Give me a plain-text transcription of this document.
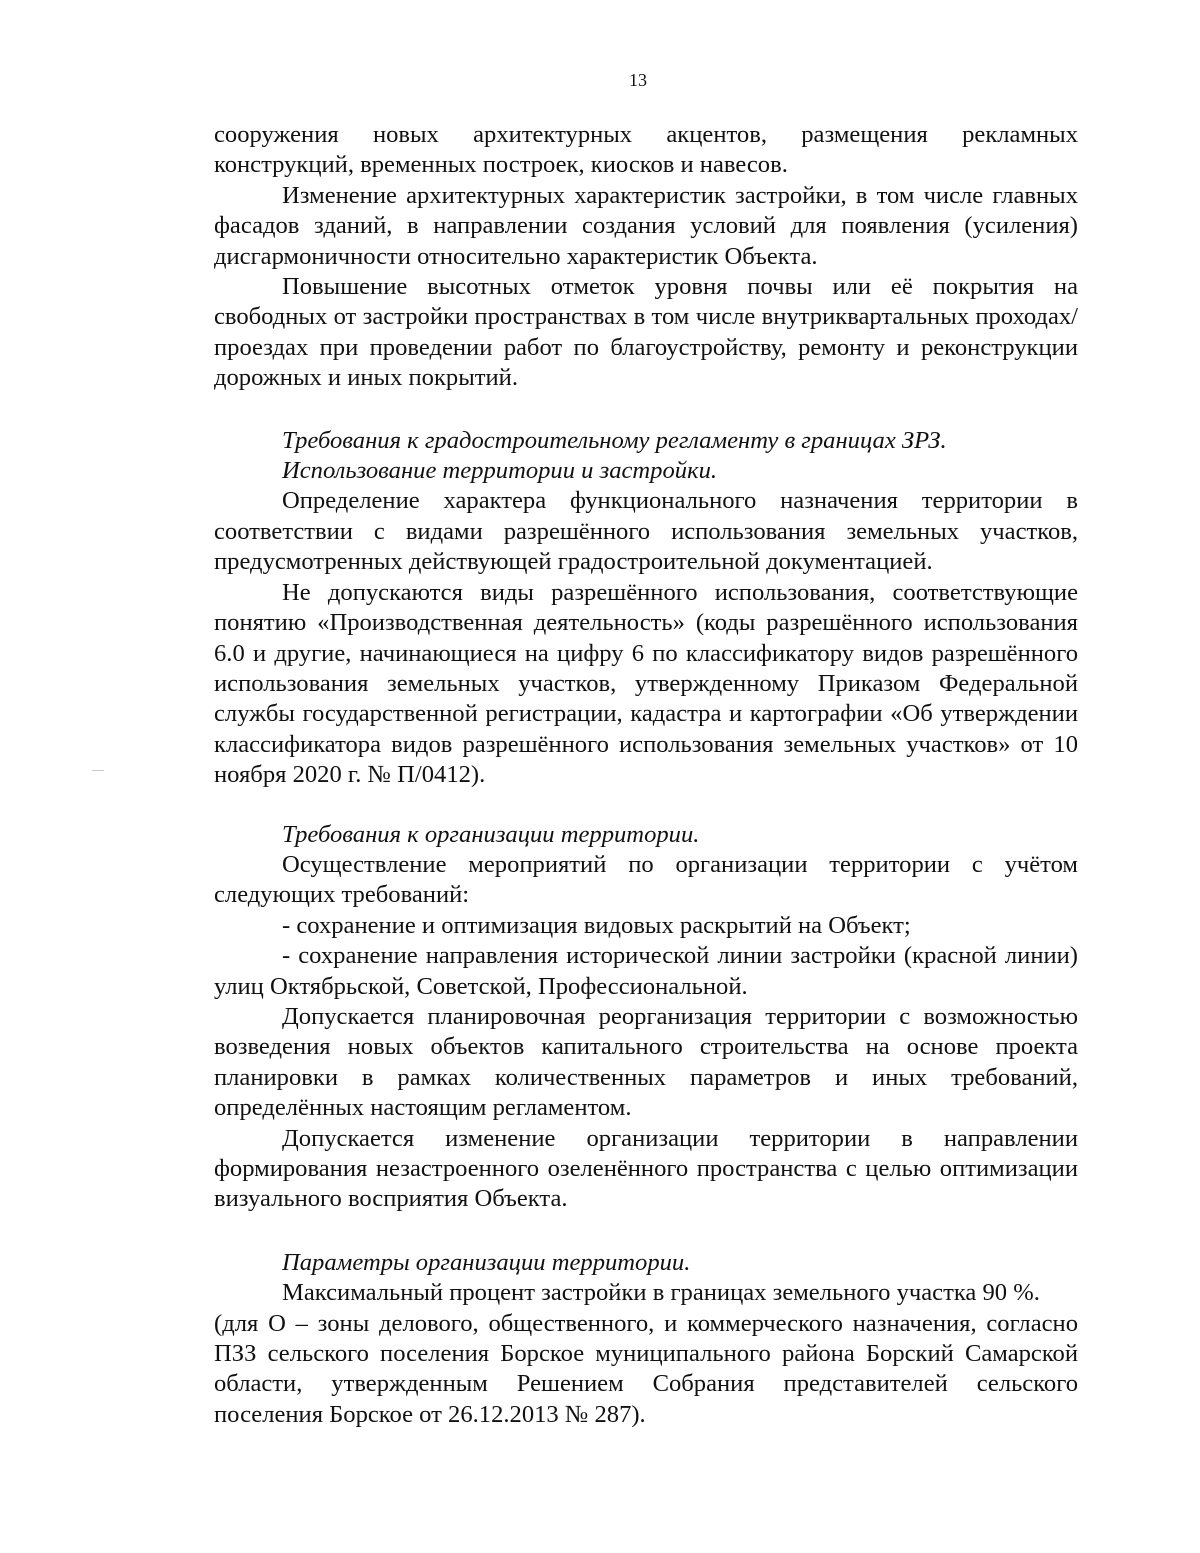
13

сооружения новых архитектурных акцентов, размещения рекламных конструкций, временных построек, киосков и навесов.

Изменение архитектурных характеристик застройки, в том числе главных фасадов зданий, в направлении создания условий для появления (усиления) дисгармоничности относительно характеристик Объекта.

Повышение высотных отметок уровня почвы или её покрытия на свободных от застройки пространствах в том числе внутриквартальных проходах/проездах при проведении работ по благоустройству, ремонту и реконструкции дорожных и иных покрытий.

Требования к градостроительному регламенту в границах ЗРЗ.

Использование территории и застройки.

Определение характера функционального назначения территории в соответствии с видами разрешённого использования земельных участков, предусмотренных действующей градостроительной документацией.

Не допускаются виды разрешённого использования, соответствующие понятию «Производственная деятельность» (коды разрешённого использования 6.0 и другие, начинающиеся на цифру 6 по классификатору видов разрешённого использования земельных участков, утвержденному Приказом Федеральной службы государственной регистрации, кадастра и картографии «Об утверждении классификатора видов разрешённого использования земельных участков» от 10 ноября 2020 г. № П/0412).

Требования к организации территории.

Осуществление мероприятий по организации территории с учётом следующих требований:

- сохранение и оптимизация видовых раскрытий на Объект;

- сохранение направления исторической линии застройки (красной линии) улиц Октябрьской, Советской, Профессиональной.

Допускается планировочная реорганизация территории с возможностью возведения новых объектов капитального строительства на основе проекта планировки в рамках количественных параметров и иных требований, определённых настоящим регламентом.

Допускается изменение организации территории в направлении формирования незастроенного озеленённого пространства с целью оптимизации визуального восприятия Объекта.

Параметры организации территории.

Максимальный процент застройки в границах земельного участка 90 %.

(для О – зоны делового, общественного, и коммерческого назначения, согласно ПЗЗ сельского поселения Борское муниципального района Борский Самарской области, утвержденным Решением Собрания представителей сельского поселения Борское от 26.12.2013 № 287).
